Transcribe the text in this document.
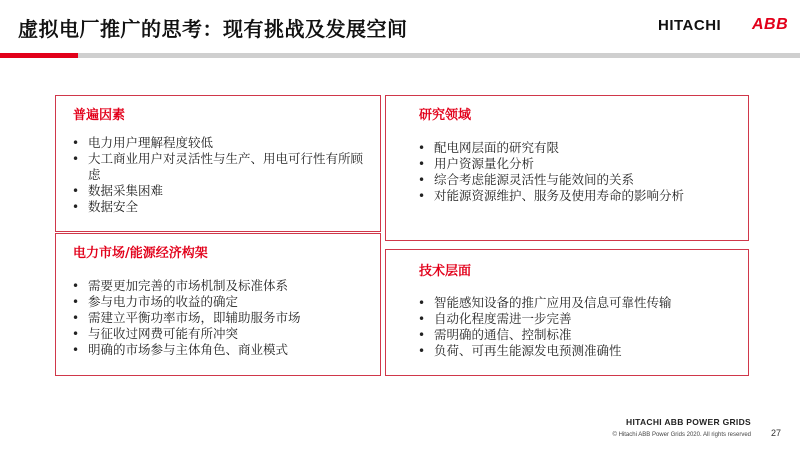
虚拟电厂推广的思考：现有挑战及发展空间	HITACHI ABB
普遍因素
• 电力用户理解程度较低
• 大工商业用户对灵活性与生产、用电可行性有所顾虑
• 数据采集困难
• 数据安全
电力市场/能源经济构架
• 需要更加完善的市场机制及标准体系
• 参与电力市场的收益的确定
• 需建立平衡功率市场，即辅助服务市场
• 与征收过网费可能有所冲突
• 明确的市场参与主体角色、商业模式
研究领域
• 配电网层面的研究有限
• 用户资源量化分析
• 综合考虑能源灵活性与能效间的关系
• 对能源资源维护、服务及使用寿命的影响分析
技术层面
• 智能感知设备的推广应用及信息可靠性传输
• 自动化程度需进一步完善
• 需明确的通信、控制标准
• 负荷、可再生能源发电预测准确性
HITACHI ABB POWER GRIDS
© Hitachi ABB Power Grids 2020. All rights reserved 27
